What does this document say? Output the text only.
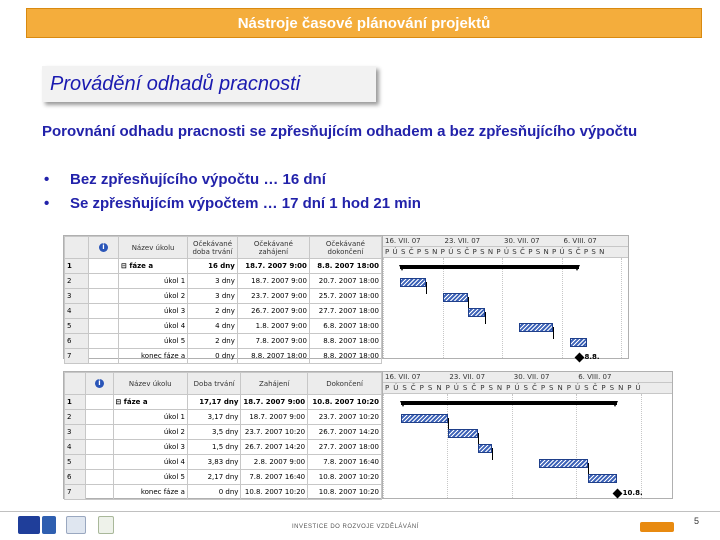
Nástroje časové plánování projektů
Provádění odhadů pracnosti
Porovnání odhadu pracnosti se zpřesňujícím odhadem a bez zpřesňujícího výpočtu
•	Bez zpřesňujícího výpočtu … 16 dní
•	Se zpřesňujícím výpočtem … 17 dní 1 hod 21 min
	i	Název úkolu	Očekávané doba trvání	Očekávané zahájení	Očekávané dokončení
1		⊟ fáze a	16 dny	18.7. 2007 9:00	8.8. 2007 18:00
2		úkol 1	3 dny	18.7. 2007 9:00	20.7. 2007 18:00
3		úkol 2	3 dny	23.7. 2007 9:00	25.7. 2007 18:00
4		úkol 3	2 dny	26.7. 2007 9:00	27.7. 2007 18:00
5		úkol 4	4 dny	1.8. 2007 9:00	6.8. 2007 18:00
6		úkol 5	2 dny	7.8. 2007 9:00	8.8. 2007 18:00
7		konec fáze a	0 dny	8.8. 2007 18:00	8.8. 2007 18:00
16. VII. 07	23. VII. 07	30. VII. 07	6. VIII. 07
PÚSČPSNPÚSČPSNPÚSČPSNPÚSČPSN
8.8.
	i	Název úkolu	Doba trvání	Zahájení	Dokončení
1		⊟ fáze a	17,17 dny	18.7. 2007 9:00	10.8. 2007 10:20
2		úkol 1	3,17 dny	18.7. 2007 9:00	23.7. 2007 10:20
3		úkol 2	3,5 dny	23.7. 2007 10:20	26.7. 2007 14:20
4		úkol 3	1,5 dny	26.7. 2007 14:20	27.7. 2007 18:00
5		úkol 4	3,83 dny	2.8. 2007 9:00	7.8. 2007 16:40
6		úkol 5	2,17 dny	7.8. 2007 16:40	10.8. 2007 10:20
7		konec fáze a	0 dny	10.8. 2007 10:20	10.8. 2007 10:20
16. VII. 07	23. VII. 07	30. VII. 07	6. VIII. 07
PÚSČPSNPÚSČPSNPÚSČPSNPÚSČPSNPÚ
10.8.
INVESTICE DO ROZVOJE VZDĚLÁVÁNÍ
5
